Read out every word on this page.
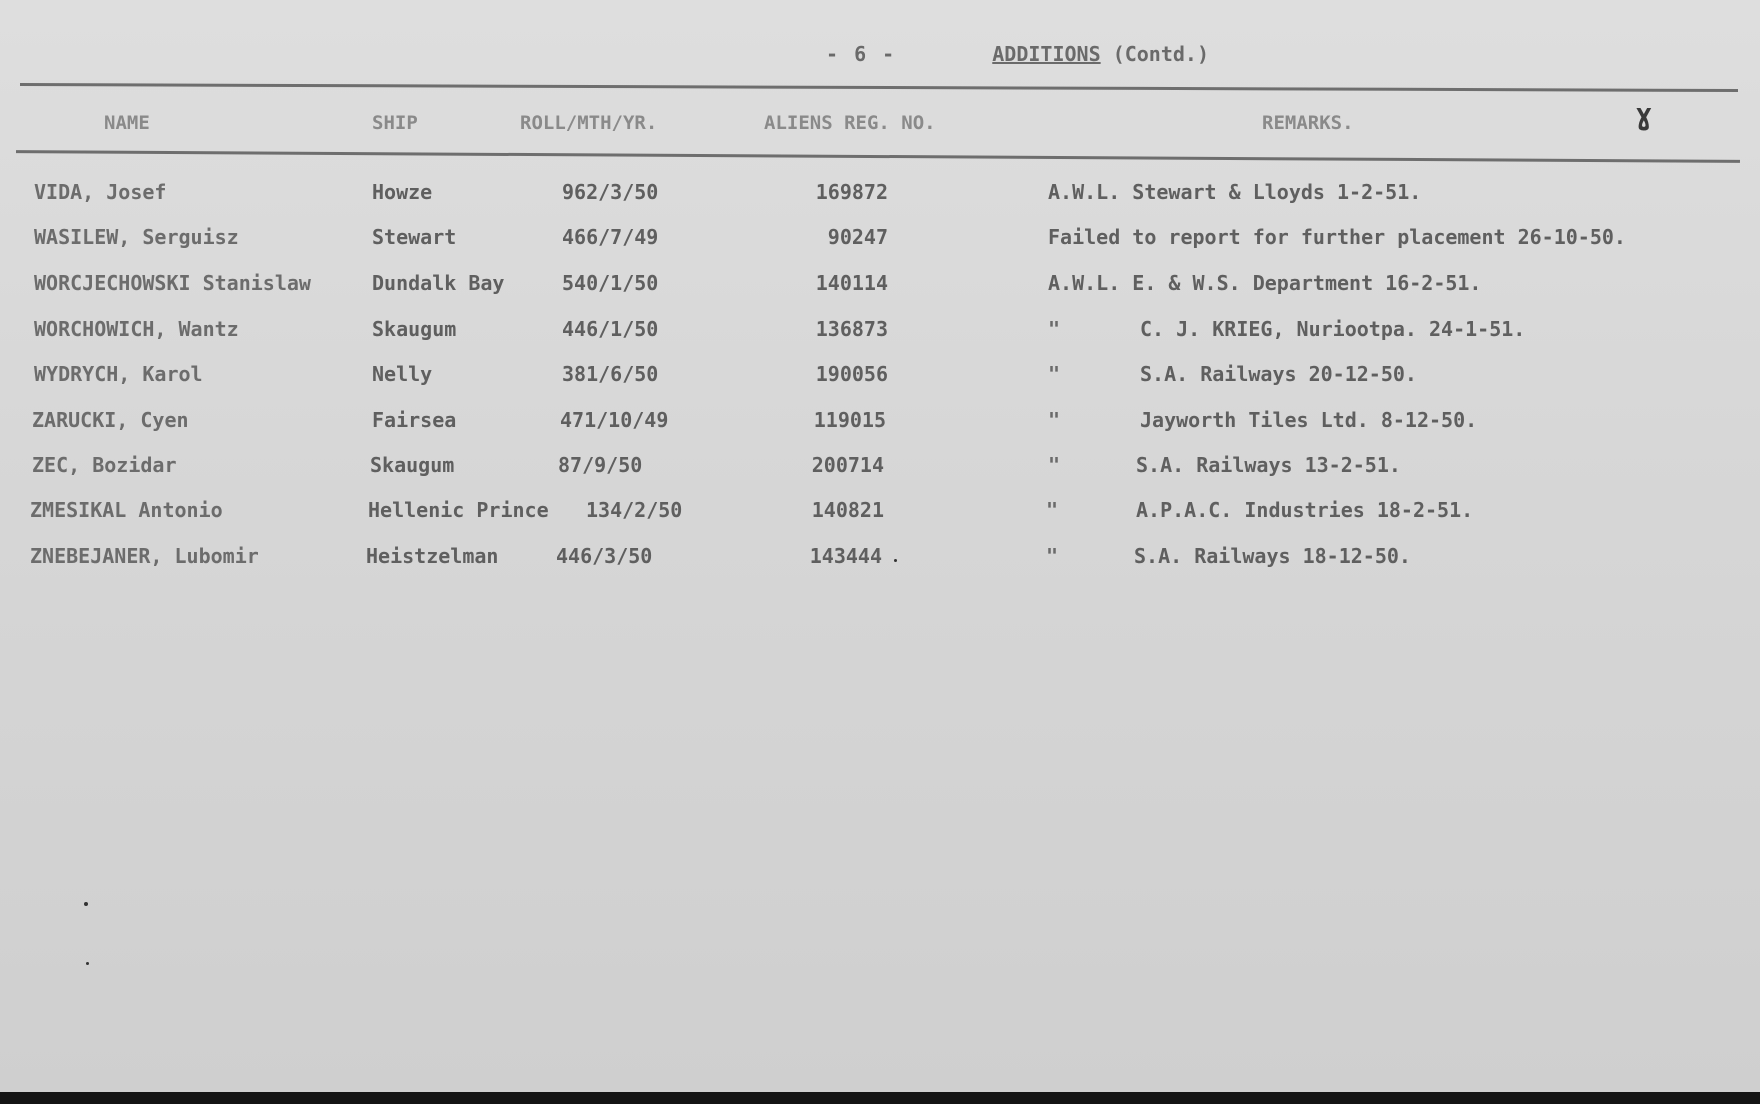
- 6 -	ADDITIONS (Contd.)
NAME	SHIP	ROLL/MTH/YR.	ALIENS REG. NO.	REMARKS.	Ɣ
VIDA, Josef	Howze	962/3/50	169872	A.W.L. Stewart & Lloyds 1-2-51.
WASILEW, Serguisz	Stewart	466/7/49	90247	Failed to report for further placement 26-10-50.
WORCJECHOWSKI Stanislaw	Dundalk Bay	540/1/50	140114	A.W.L. E. & W.S. Department 16-2-51.
WORCHOWICH, Wantz	Skaugum	446/1/50	136873	"	C. J. KRIEG, Nuriootpa. 24-1-51.
WYDRYCH, Karol	Nelly	381/6/50	190056	"	S.A. Railways 20-12-50.
ZARUCKI, Cyen	Fairsea	471/10/49	119015	"	Jayworth Tiles Ltd. 8-12-50.
ZEC, Bozidar	Skaugum	87/9/50	200714	"	S.A. Railways 13-2-51.
ZMESIKAL Antonio	Hellenic Prince 134/2/50	140821	"	A.P.A.C. Industries 18-2-51.
ZNEBEJANER, Lubomir	Heistzelman	446/3/50	143444	"	S.A. Railways 18-12-50.
